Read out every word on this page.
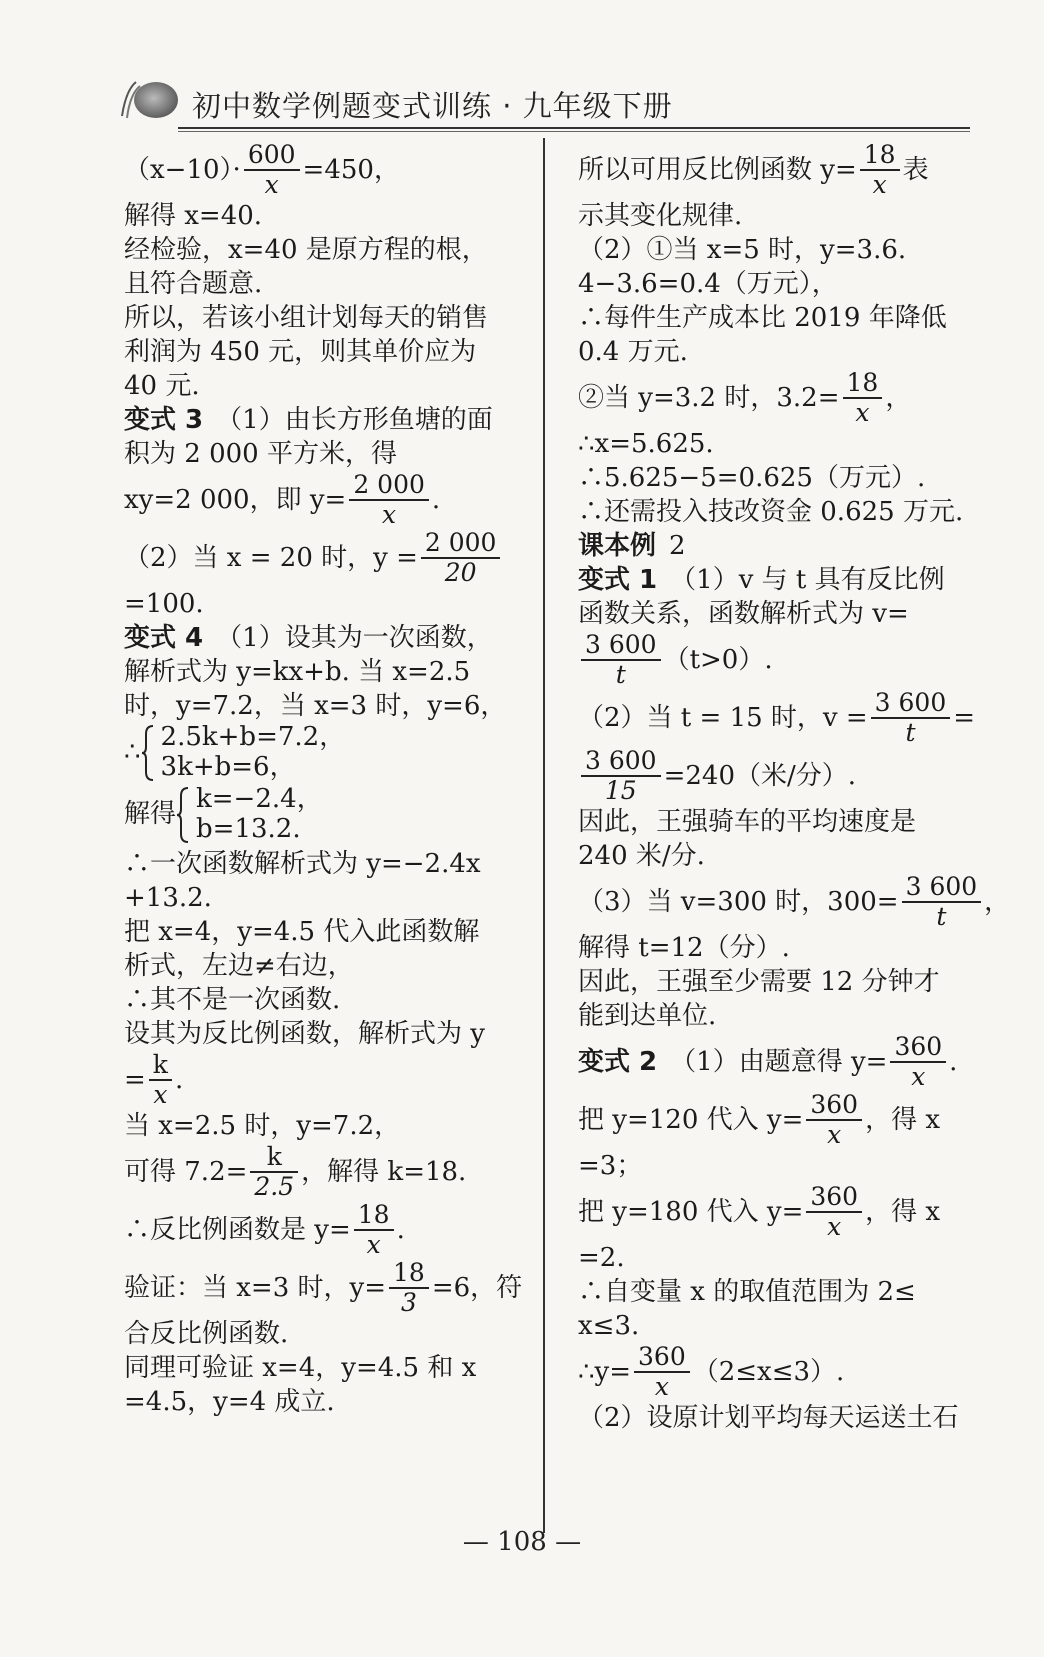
初中数学例题变式训练 · 九年级下册
$(x-10)\cdot \frac{600}{x} =450$，
解得 x=40.
经检验，x=40 是原方程的根，
且符合题意.
所以，若该小组计划每天的销售
利润为 450 元，则其单价应为
40 元.
变式 3  （1）由长方形鱼塘的面
积为 2 000 平方米，得
xy=2 000，即 $y= \frac{2 000}{x}$ .
（2）当 x = 20 时，$y = \frac{2 000}{20}$
=100.
变式 4  （1）设其为一次函数，
解析式为 y=kx+b. 当 x=2.5
时，y=7.2，当 x=3 时，y=6，
∴ 2.5k+b=7.2，
3k+b=6，
解得 k=−2.4，
b=13.2.
∴一次函数解析式为 y=−2.4x
+13.2.
把 x=4，y=4.5 代入此函数解
析式，左边≠右边，
∴其不是一次函数.
设其为反比例函数，解析式为 y
= $\frac{k}{x}$ .
当 x=2.5 时，y=7.2，
可得 $7.2= \frac{k}{2.5}$ ，解得 k=18.
∴反比例函数是 $y= \frac{18}{x}$ .
验证：当 x=3 时，$y= \frac{18}{3} =6$，符
合反比例函数.
同理可验证 x=4，y=4.5 和 x
=4.5，y=4 成立.
所以可用反比例函数 $y= \frac{18}{x}$ 表
示其变化规律.
（2）①当 x=5 时，y=3.6.
4−3.6=0.4（万元），
∴每件生产成本比 2019 年降低
0.4 万元.
②当 y=3.2 时，$3.2= \frac{18}{x}$ ，
∴x=5.625.
∴5.625−5=0.625（万元）.
∴还需投入技改资金 0.625 万元.
课本例  2
变式 1  （1）v 与 t 具有反比例
函数关系，函数解析式为 v=
$\frac{3 600}{t} (t>0)$.
（2）当 t = 15 时，$v = \frac{3 600}{t}$ =
$\frac{3 600}{15} =240$（米/分）.
因此，王强骑车的平均速度是
240 米/分.
（3）当 v=300 时，$300= \frac{3 600}{t}$ ，
解得 t=12（分）.
因此，王强至少需要 12 分钟才
能到达单位.
变式 2  （1）由题意得 $y= \frac{360}{x}$ .
把 y=120 代入 $y= \frac{360}{x}$ ，得 x
=3；
把 y=180 代入 $y= \frac{360}{x}$ ，得 x
=2.
∴自变量 x 的取值范围为 2≤
x≤3.
∴y= $\frac{360}{x} (2\le x\le 3)$.
（2）设原计划平均每天运送土石
— 108 —
